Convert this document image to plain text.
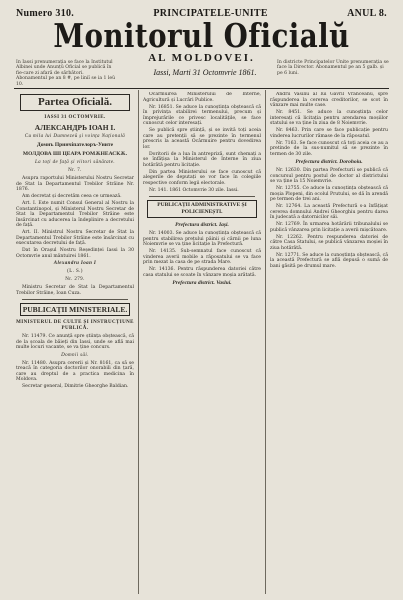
Numero 310.	PRINCIPATELE-UNITE	ANUL 8.
Monitorul Oficialŭ
AL MOLDOVEI.
In Iassi prenumerația se face la Institutul Albinei unde Anunțŭ Oficial se publică în fie-care zi afară de sărbători. Abonamentul pe an 8 #, pe liniĭ se ia 1 leŭ 10.
Iassi, Marti 31 Octomvrie 1861.
In districte Principatelor Unite prenumerația se face la Director. Abonamentul pe an 5 galb. și pe 6 luni.
Partea Oficială.
IASSI 31 OCTOMVRIE.
АЛЕКСАНДРЬ ІОАН І.
Cu mila lui Dumnezeŭ și voința Națională
Домнъ Принчіпателоръ-Уните
МОЛДОВА ШІ ЦЕАРА РОМѪНЕАСКѪ.
La toți de față și viitori sănătate.
Nr. 7.

Asupra raportului Ministerului Nostru Secretar de Stat la Departamentul Trebilor Străine Nr. 1876.

Am decretat și decretăm ceea ce urmează.

Art. I. Este numit Consul General al Nostru la Constantinopol, și Ministerul Nostru Secretar de Stat la Departamentul Trebilor Străine este însărcinat cu aducerea la îndeplinire a decretului de față.

Art. II. Ministrul Nostru Secretar de Stat la Departamentul Trebilor Străine este însărcinat cu executarea decretului de față.

Dat în Orașul Nostru Reședinței Iassi la 30 Octomvrie anul mântuirei 1861.

Alexandru Ioan I
(L. S.)
Nr. 279.

Ministru Secretar de Stat la Departamentul Trebilor Străine, Ioan Cuza.

PUBLICAȚII MINISTERIALE.
MINISTERUL DE CULTE ȘI INSTRUCȚIUNE PUBLICĂ.

Nr. 11479. Ce anunță spre știința obștească, că de la școala de băieți din Iassi, unde se află mai multe locuri vacante, se va ține concurs.

Domnii săi.

Nr. 11480. Asupra cererii și Nr. 8161, ca să se treacă în categoria doctorilor onorabili din țară, care au dreptul de a practica medicina în Moldova.

Secretar general, Dimitrie Gheorghe Baldian.

Ocârmuirea Ministerului de Interne, Agricultură și Lucrări Publice.

Nr. 16851. Se aduce la cunoștința obștească că în privința stabilirei termenului, precum și împrejurările ce privesc localitățile, se face cunoscut celor interesați.

Se publică spre știință, și se invită toți aceia care au pretenții să se prezinte în termenul prescris la această Ocârmuire pentru dovedirea lor.

Doritorii de a lua în antrepriză, sunt chemați a se înfățișa la Ministerul de Interne în ziua hotărâtă pentru licitație.

Din partea Ministerului se face cunoscut că alegerile de deputați se vor face în colegiile respective conform legii electorale.

Nr. 141. 1861 Octomvrie 30 zile. Iassi.

PUBLICAȚII ADMINISTRATIVE ȘI POLICIENEȘTI.
Prefectura district. Iași.

Nr. 14003. Se aduce la cunoștința obștească că pentru stabilirea prețului pâinii și cărnii pe luna Noiemvrie se va ține licitație la Prefectură.

Nr. 14135. Sub-semnatul face cunoscut că vinderea averii mobile a răposatului se va face prin mezat la casa de pe strada Mare.

Nr. 14136. Pentru răspunderea datoriei către casa statului se scoate în vânzare moșia arătată.

Prefectura district. Vaslui.

Andrii Vasiliu al lui Gavril Vrânceanu, spre răspunderea la cererea creditorilor, se scot în vânzare mai multe case.

Nr. 8451. Se aduce la cunoștința celor interesați că licitația pentru arendarea moșiilor statului se va ține în ziua de 8 Noiemvrie.

Nr. 8463. Prin care se face publicație pentru vinderea lucrurilor rămase de la răposatul.

Nr. 7163. Se face cunoscut că toți aceia ce au a pretinde de la sus-numitul să se prezinte în termen de 30 zile.

Prefectura district. Dorohoiu.

Nr. 12630. Din partea Prefecturii se publică că concursul pentru postul de doctor al districtului se va ține la 15 Noiemvrie.

Nr. 12755. Ce aduce la cunoștința obștească că moșia Plopeni, din ocolul Prutului, se dă în arendă pe termen de trei ani.

Nr. 12764. La această Prefectură s-a înfățișat cererea domnului Andrei Gheorghiu pentru darea în judecată a datornicilor săi.

Nr. 12769. În urmarea hotărârii tribunalului se publică vânzarea prin licitație a averii mișcătoare.

Nr. 12262. Pentru respunderea datoriei de către Casa Statului, se publică vânzarea moșiei în ziua hotărâtă.

Nr. 12771. Se aduce la cunoștința obștească, că la această Prefectură se află depusă o sumă de bani găsită pe drumul mare.
